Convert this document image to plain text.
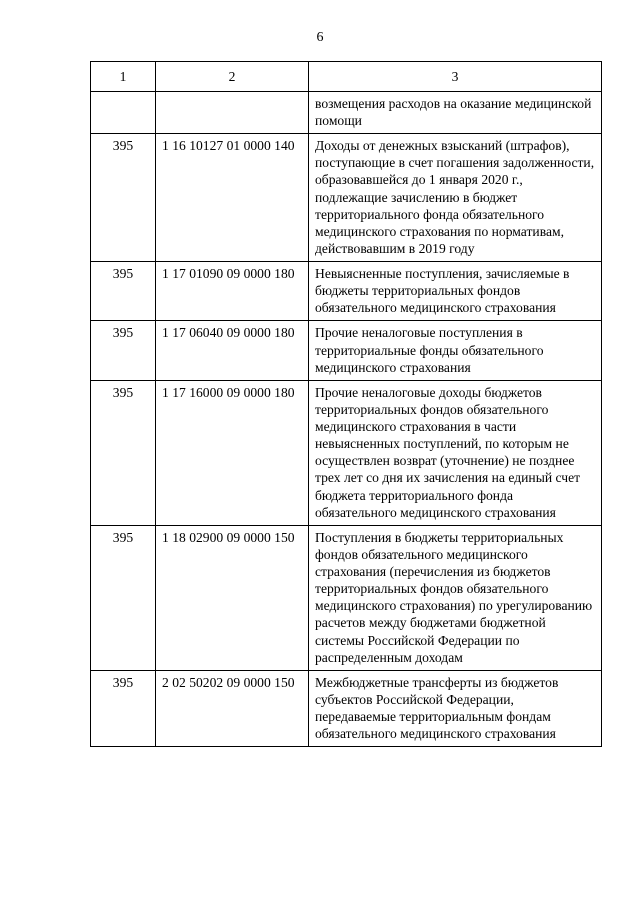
6
1	2	3
		возмещения расходов на оказание медицинской помощи
395	1 16 10127 01 0000 140	Доходы от денежных взысканий (штрафов), поступающие в счет погашения задолженности, образовавшейся до 1 января 2020 г., подлежащие зачислению в бюджет территориального фонда обязательного медицинского страхования по нормативам, действовавшим в 2019 году
395	1 17 01090 09 0000 180	Невыясненные поступления, зачисляемые в бюджеты территориальных фондов обязательного медицинского страхования
395	1 17 06040 09 0000 180	Прочие неналоговые поступления в территориальные фонды обязательного медицинского страхования
395	1 17 16000 09 0000 180	Прочие неналоговые доходы бюджетов территориальных фондов обязательного медицинского страхования в части невыясненных поступлений, по которым не осуществлен возврат (уточнение) не позднее трех лет со дня их зачисления на единый счет бюджета территориального фонда обязательного медицинского страхования
395	1 18 02900 09 0000 150	Поступления в бюджеты территориальных фондов обязательного медицинского страхования (перечисления из бюджетов территориальных фондов обязательного медицинского страхования) по урегулированию расчетов между бюджетами бюджетной системы Российской Федерации по распределенным доходам
395	2 02 50202 09 0000 150	Межбюджетные трансферты из бюджетов субъектов Российской Федерации, передаваемые территориальным фондам обязательного медицинского страхования
